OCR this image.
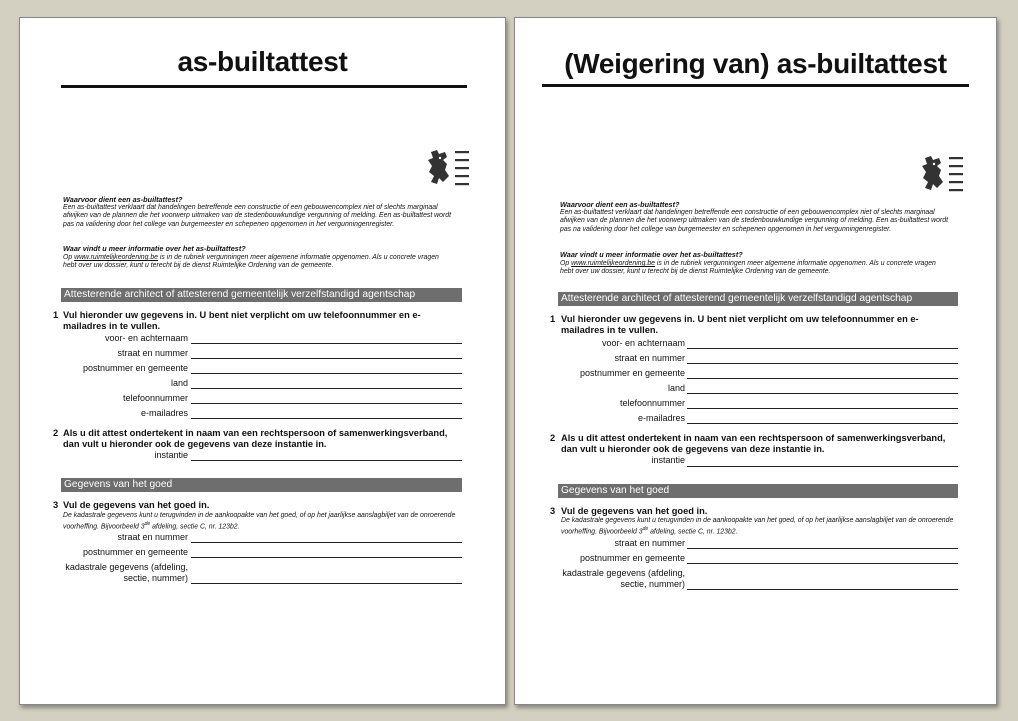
as-builtattest
Waarvoor dient een as-builtattest?
Een as-builtattest verklaart dat handelingen betreffende een constructie of een gebouwencomplex niet of slechts marginaal afwijken van de plannen die het voorwerp uitmaken van de stedenbouwkundige vergunning of melding. Een as-builtattest wordt pas na validering door het college van burgemeester en schepenen opgenomen in het vergunningenregister.
Waar vindt u meer informatie over het as-builtattest?
Op www.ruimtelijkeordening.be is in de rubriek vergunningen meer algemene informatie opgenomen. Als u concrete vragen hebt over uw dossier, kunt u terecht bij de dienst Ruimtelijke Ordening van de gemeente.
Attesterende architect of attesterend gemeentelijk verzelfstandigd agentschap
1 Vul hieronder uw gegevens in. U bent niet verplicht om uw telefoonnummer en e-mailadres in te vullen.
voor- en achternaam
straat en nummer
postnummer en gemeente
land
telefoonnummer
e-mailadres
2 Als u dit attest ondertekent in naam van een rechtspersoon of samenwerkingsverband, dan vult u hieronder ook de gegevens van deze instantie in.
instantie
Gegevens van het goed
3 Vul de gegevens van het goed in.
De kadastrale gegevens kunt u terugvinden in de aankoopakte van het goed, of op het jaarlijkse aanslagbiljet van de onroerende voorheffing. Bijvoorbeeld 3de afdeling, sectie C, nr. 123b2.
straat en nummer
postnummer en gemeente
kadastrale gegevens (afdeling,
sectie, nummer)
(Weigering van) as-builtattest
Waarvoor dient een as-builtattest?
Een as-builtattest verklaart dat handelingen betreffende een constructie of een gebouwencomplex niet of slechts marginaal afwijken van de plannen die het voorwerp uitmaken van de stedenbouwkundige vergunning of melding. Een as-builtattest wordt pas na validering door het college van burgemeester en schepenen opgenomen in het vergunningenregister.
Waar vindt u meer informatie over het as-builtattest?
Op www.ruimtelijkeordening.be is in de rubriek vergunningen meer algemene informatie opgenomen. Als u concrete vragen hebt over uw dossier, kunt u terecht bij de dienst Ruimtelijke Ordening van de gemeente.
Attesterende architect of attesterend gemeentelijk verzelfstandigd agentschap
1 Vul hieronder uw gegevens in. U bent niet verplicht om uw telefoonnummer en e-mailadres in te vullen.
voor- en achternaam
straat en nummer
postnummer en gemeente
land
telefoonnummer
e-mailadres
2 Als u dit attest ondertekent in naam van een rechtspersoon of samenwerkingsverband, dan vult u hieronder ook de gegevens van deze instantie in.
instantie
Gegevens van het goed
3 Vul de gegevens van het goed in.
De kadastrale gegevens kunt u terugvinden in de aankoopakte van het goed, of op het jaarlijkse aanslagbiljet van de onroerende voorheffing. Bijvoorbeeld 3de afdeling, sectie C, nr. 123b2.
straat en nummer
postnummer en gemeente
kadastrale gegevens (afdeling,
sectie, nummer)
